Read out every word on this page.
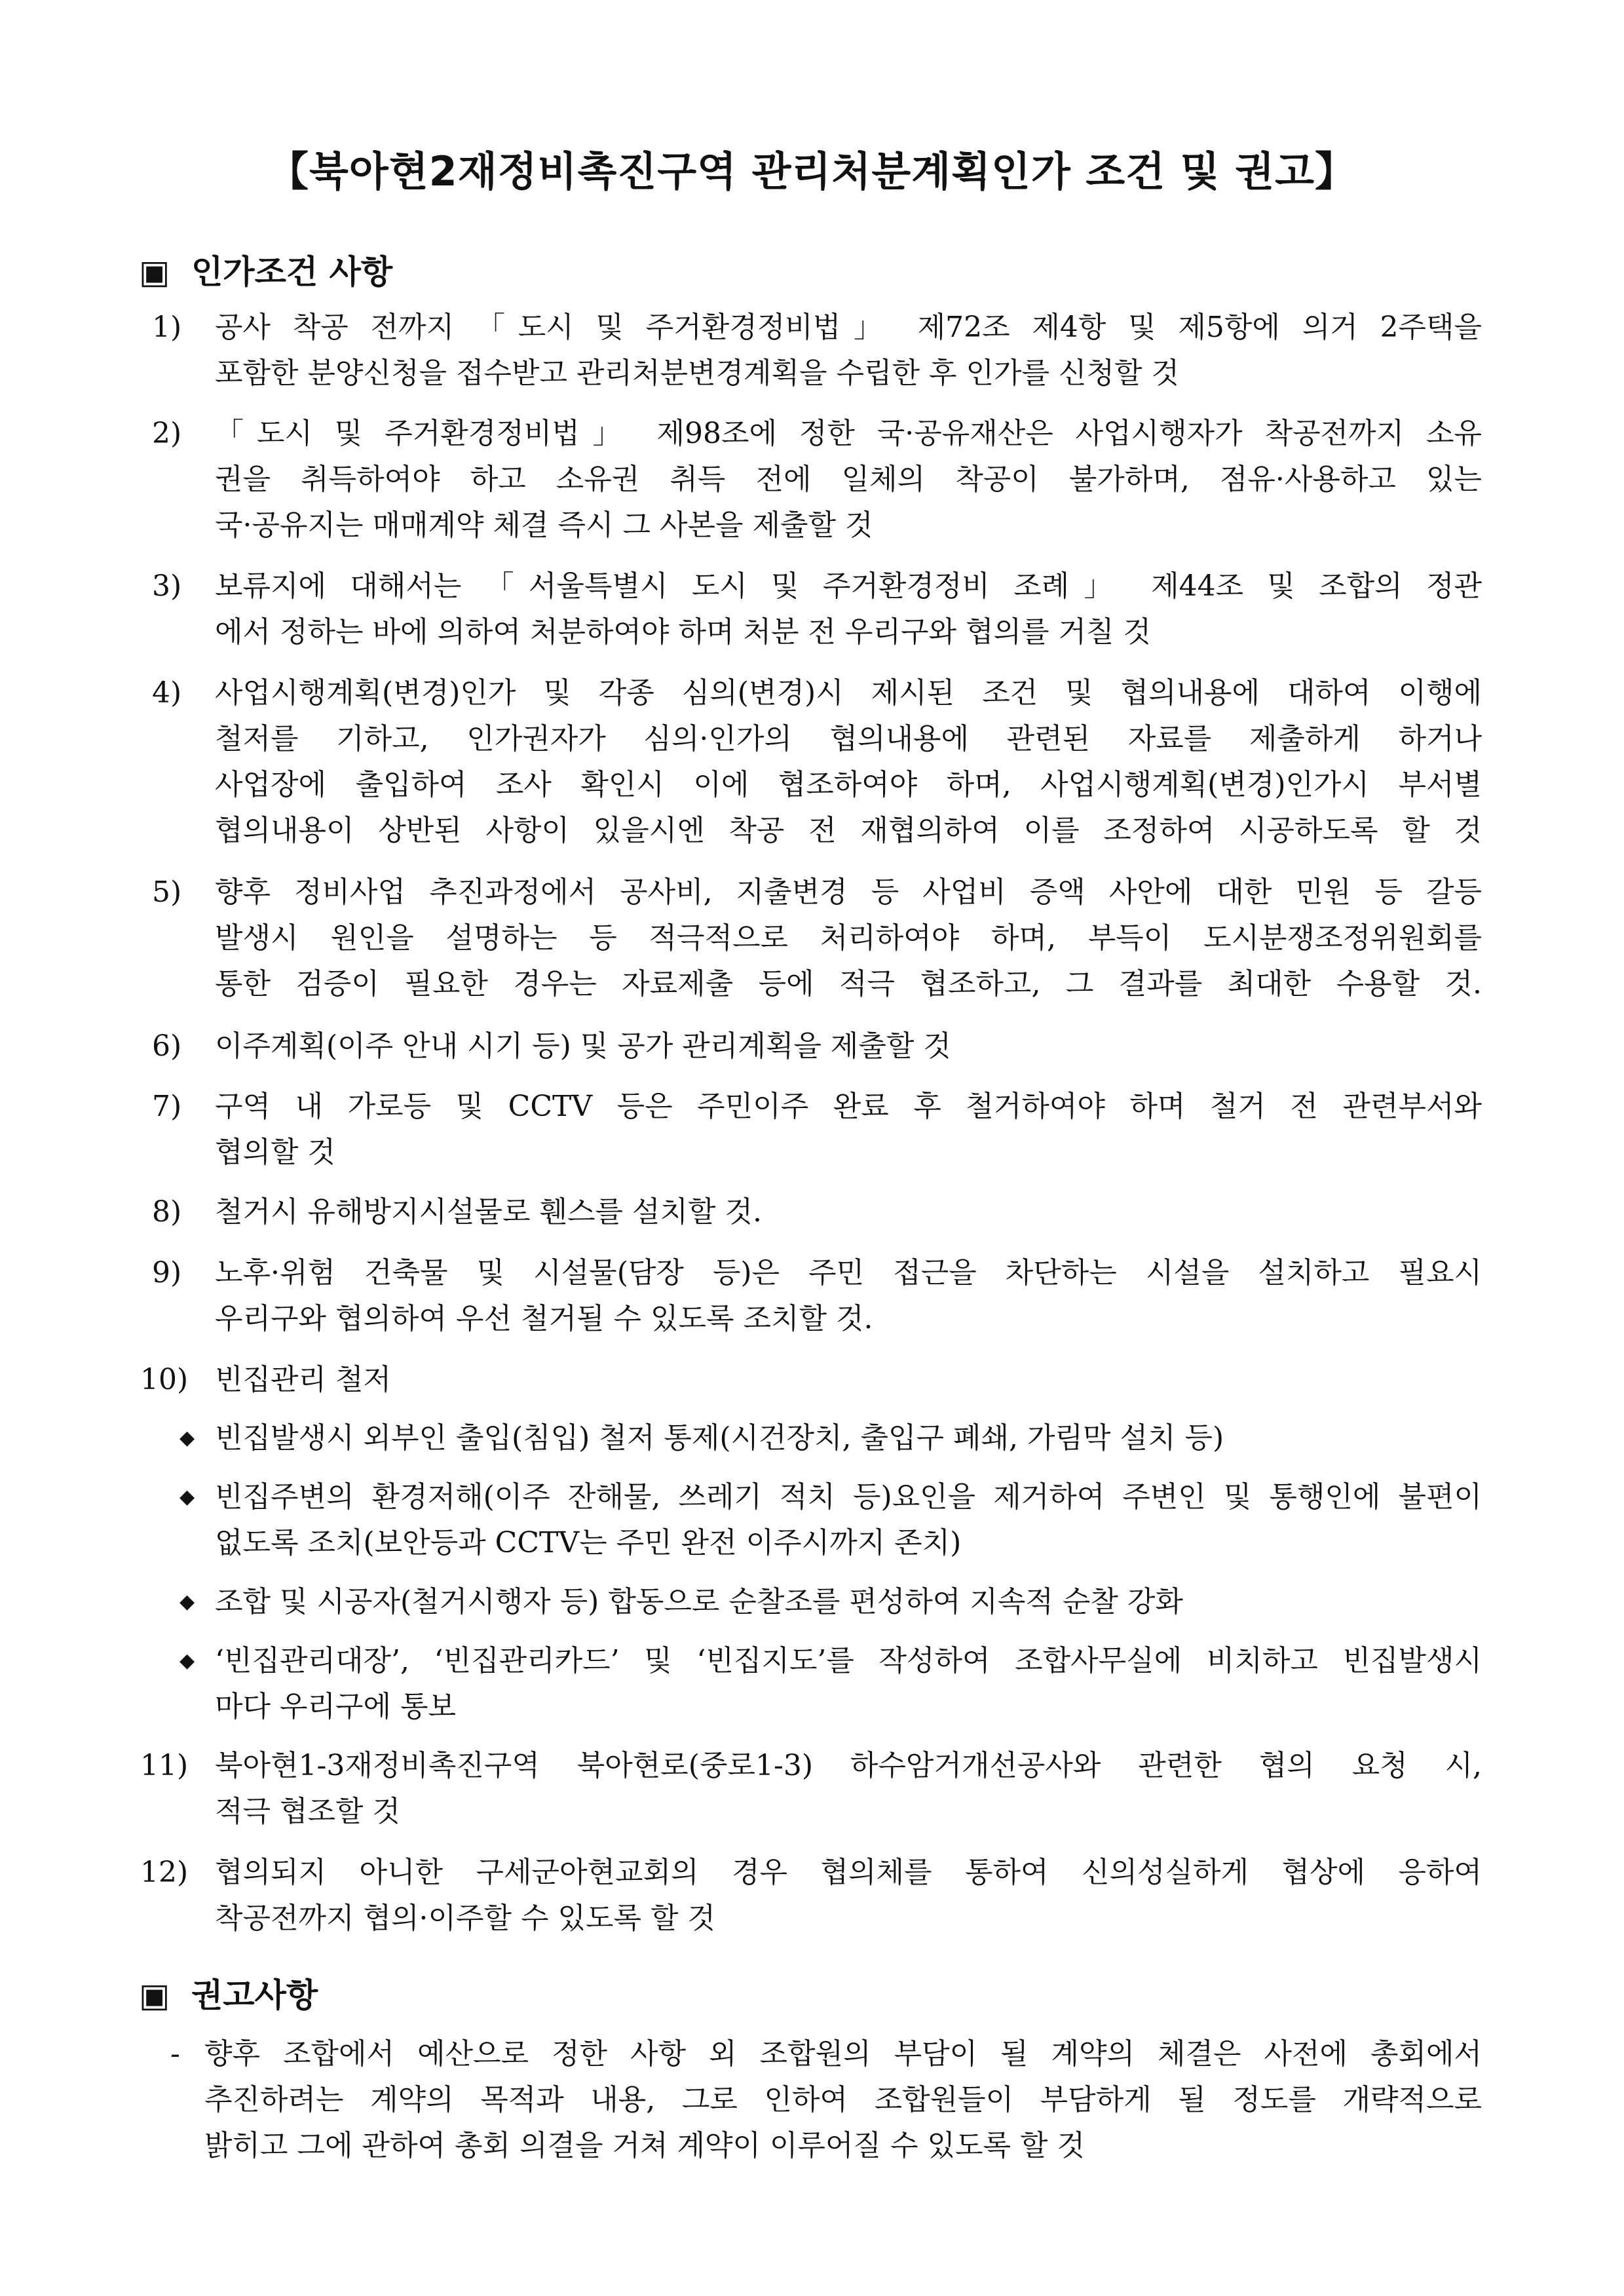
【북아현2재정비촉진구역 관리처분계획인가 조건 및 권고】
▣ 인가조건 사항
1) 공사 착공 전까지 「도시 및 주거환경정비법」 제72조 제4항 및 제5항에 의거 2주택을
포함한 분양신청을 접수받고 관리처분변경계획을 수립한 후 인가를 신청할 것
2) 「도시 및 주거환경정비법」 제98조에 정한 국·공유재산은 사업시행자가 착공전까지 소유
권을 취득하여야 하고 소유권 취득 전에 일체의 착공이 불가하며, 점유·사용하고 있는
국·공유지는 매매계약 체결 즉시 그 사본을 제출할 것
3) 보류지에 대해서는 「서울특별시 도시 및 주거환경정비 조례」 제44조 및 조합의 정관
에서 정하는 바에 의하여 처분하여야 하며 처분 전 우리구와 협의를 거칠 것
4) 사업시행계획(변경)인가 및 각종 심의(변경)시 제시된 조건 및 협의내용에 대하여 이행에
철저를 기하고, 인가권자가 심의·인가의 협의내용에 관련된 자료를 제출하게 하거나
사업장에 출입하여 조사 확인시 이에 협조하여야 하며, 사업시행계획(변경)인가시 부서별
협의내용이 상반된 사항이 있을시엔 착공 전 재협의하여 이를 조정하여 시공하도록 할 것
5) 향후 정비사업 추진과정에서 공사비, 지출변경 등 사업비 증액 사안에 대한 민원 등 갈등
발생시 원인을 설명하는 등 적극적으로 처리하여야 하며, 부득이 도시분쟁조정위원회를
통한 검증이 필요한 경우는 자료제출 등에 적극 협조하고, 그 결과를 최대한 수용할 것.
6) 이주계획(이주 안내 시기 등) 및 공가 관리계획을 제출할 것
7) 구역 내 가로등 및 CCTV 등은 주민이주 완료 후 철거하여야 하며 철거 전 관련부서와
협의할 것
8) 철거시 유해방지시설물로 휀스를 설치할 것.
9) 노후·위험 건축물 및 시설물(담장 등)은 주민 접근을 차단하는 시설을 설치하고 필요시
우리구와 협의하여 우선 철거될 수 있도록 조치할 것.
10) 빈집관리 철저
◆ 빈집발생시 외부인 출입(침입) 철저 통제(시건장치, 출입구 폐쇄, 가림막 설치 등)
◆ 빈집주변의 환경저해(이주 잔해물, 쓰레기 적치 등)요인을 제거하여 주변인 및 통행인에 불편이
없도록 조치(보안등과 CCTV는 주민 완전 이주시까지 존치)
◆ 조합 및 시공자(철거시행자 등) 합동으로 순찰조를 편성하여 지속적 순찰 강화
◆ ‘빈집관리대장’, ‘빈집관리카드’ 및 ‘빈집지도’를 작성하여 조합사무실에 비치하고 빈집발생시
마다 우리구에 통보
11) 북아현1-3재정비촉진구역 북아현로(중로1-3) 하수암거개선공사와 관련한 협의 요청 시,
적극 협조할 것
12) 협의되지 아니한 구세군아현교회의 경우 협의체를 통하여 신의성실하게 협상에 응하여
착공전까지 협의·이주할 수 있도록 할 것
▣ 권고사항
- 향후 조합에서 예산으로 정한 사항 외 조합원의 부담이 될 계약의 체결은 사전에 총회에서
추진하려는 계약의 목적과 내용, 그로 인하여 조합원들이 부담하게 될 정도를 개략적으로
밝히고 그에 관하여 총회 의결을 거쳐 계약이 이루어질 수 있도록 할 것
